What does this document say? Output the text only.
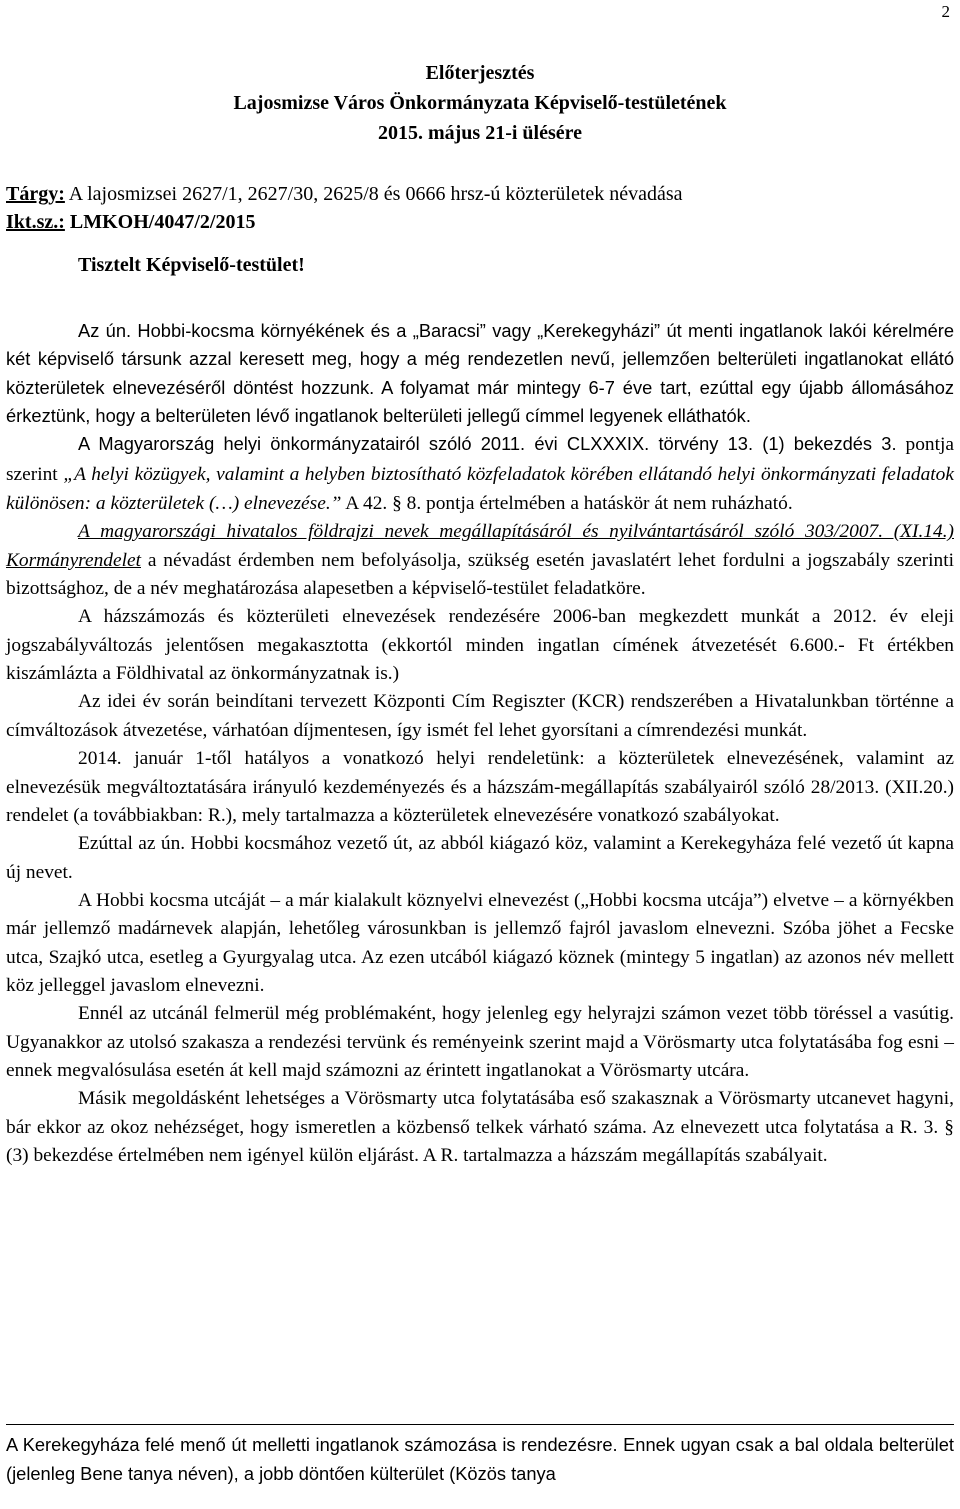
2
Előterjesztés
Lajosmizse Város Önkormányzata Képviselő-testületének
2015. május 21-i ülésére
Tárgy: A lajosmizsei 2627/1, 2627/30, 2625/8 és 0666 hrsz-ú közterületek névadása
Ikt.sz.: LMKOH/4047/2/2015
Tisztelt Képviselő-testület!

Az ún. Hobbi-kocsma környékének és a „Baracsi” vagy „Kerekegyházi” út menti ingatlanok lakói kérelmére két képviselő társunk azzal keresett meg, hogy a még rendezetlen nevű, jellemzően belterületi ingatlanokat ellátó közterületek elnevezéséről döntést hozzunk. A folyamat már mintegy 6-7 éve tart, ezúttal egy újabb állomásához érkeztünk, hogy a belterületen lévő ingatlanok belterületi jellegű címmel legyenek elláthatók.

A Magyarország helyi önkormányzatairól szóló 2011. évi CLXXXIX. törvény 13. (1) bekezdés 3. pontja szerint „A helyi közügyek, valamint a helyben biztosítható közfeladatok körében ellátandó helyi önkormányzati feladatok különösen: a közterületek (…) elnevezése.” A 42. § 8. pontja értelmében a hatáskör át nem ruházható.

A magyarországi hivatalos földrajzi nevek megállapításáról és nyilvántartásáról szóló 303/2007. (XI.14.) Kormányrendelet a névadást érdemben nem befolyásolja, szükség esetén javaslatért lehet fordulni a jogszabály szerinti bizottsághoz, de a név meghatározása alapesetben a képviselő-testület feladatköre.

A házszámozás és közterületi elnevezések rendezésére 2006-ban megkezdett munkát a 2012. év eleji jogszabályváltozás jelentősen megakasztotta (ekkortól minden ingatlan címének átvezetését 6.600.- Ft értékben kiszámlázta a Földhivatal az önkormányzatnak is.)

Az idei év során beindítani tervezett Központi Cím Regiszter (KCR) rendszerében a Hivatalunkban történne a címváltozások átvezetése, várhatóan díjmentesen, így ismét fel lehet gyorsítani a címrendezési munkát.

2014. január 1-től hatályos a vonatkozó helyi rendeletünk: a közterületek elnevezésének, valamint az elnevezésük megváltoztatására irányuló kezdeményezés és a házszám-megállapítás szabályairól szóló 28/2013. (XII.20.) rendelet (a továbbiakban: R.), mely tartalmazza a közterületek elnevezésére vonatkozó szabályokat.

Ezúttal az ún. Hobbi kocsmához vezető út, az abból kiágazó köz, valamint a Kerekegyháza felé vezető út kapna új nevet.

A Hobbi kocsma utcáját – a már kialakult köznyelvi elnevezést („Hobbi kocsma utcája”) elvetve – a környékben már jellemző madárnevek alapján, lehetőleg városunkban is jellemző fajról javaslom elnevezni. Szóba jöhet a Fecske utca, Szajkó utca, esetleg a Gyurgyalag utca. Az ezen utcából kiágazó köznek (mintegy 5 ingatlan) az azonos név mellett köz jelleggel javaslom elnevezni.

Ennél az utcánál felmerül még problémaként, hogy jelenleg egy helyrajzi számon vezet több töréssel a vasútig. Ugyanakkor az utolsó szakasza a rendezési tervünk és reményeink szerint majd a Vörösmarty utca folytatásába fog esni – ennek megvalósulása esetén át kell majd számozni az érintett ingatlanokat a Vörösmarty utcára.

Másik megoldásként lehetséges a Vörösmarty utca folytatásába eső szakasznak a Vörösmarty utcanevet hagyni, bár ekkor az okoz nehézséget, hogy ismeretlen a közbenső telkek várható száma. Az elnevezett utca folytatása a R. 3. § (3) bekezdése értelmében nem igényel külön eljárást. A R. tartalmazza a házszám megállapítás szabályait.

A Kerekegyháza felé menő út melletti ingatlanok számozása is rendezésre. Ennek ugyan csak a bal oldala belterület (jelenleg Bene tanya néven), a jobb döntően külterület (Közös tanya
